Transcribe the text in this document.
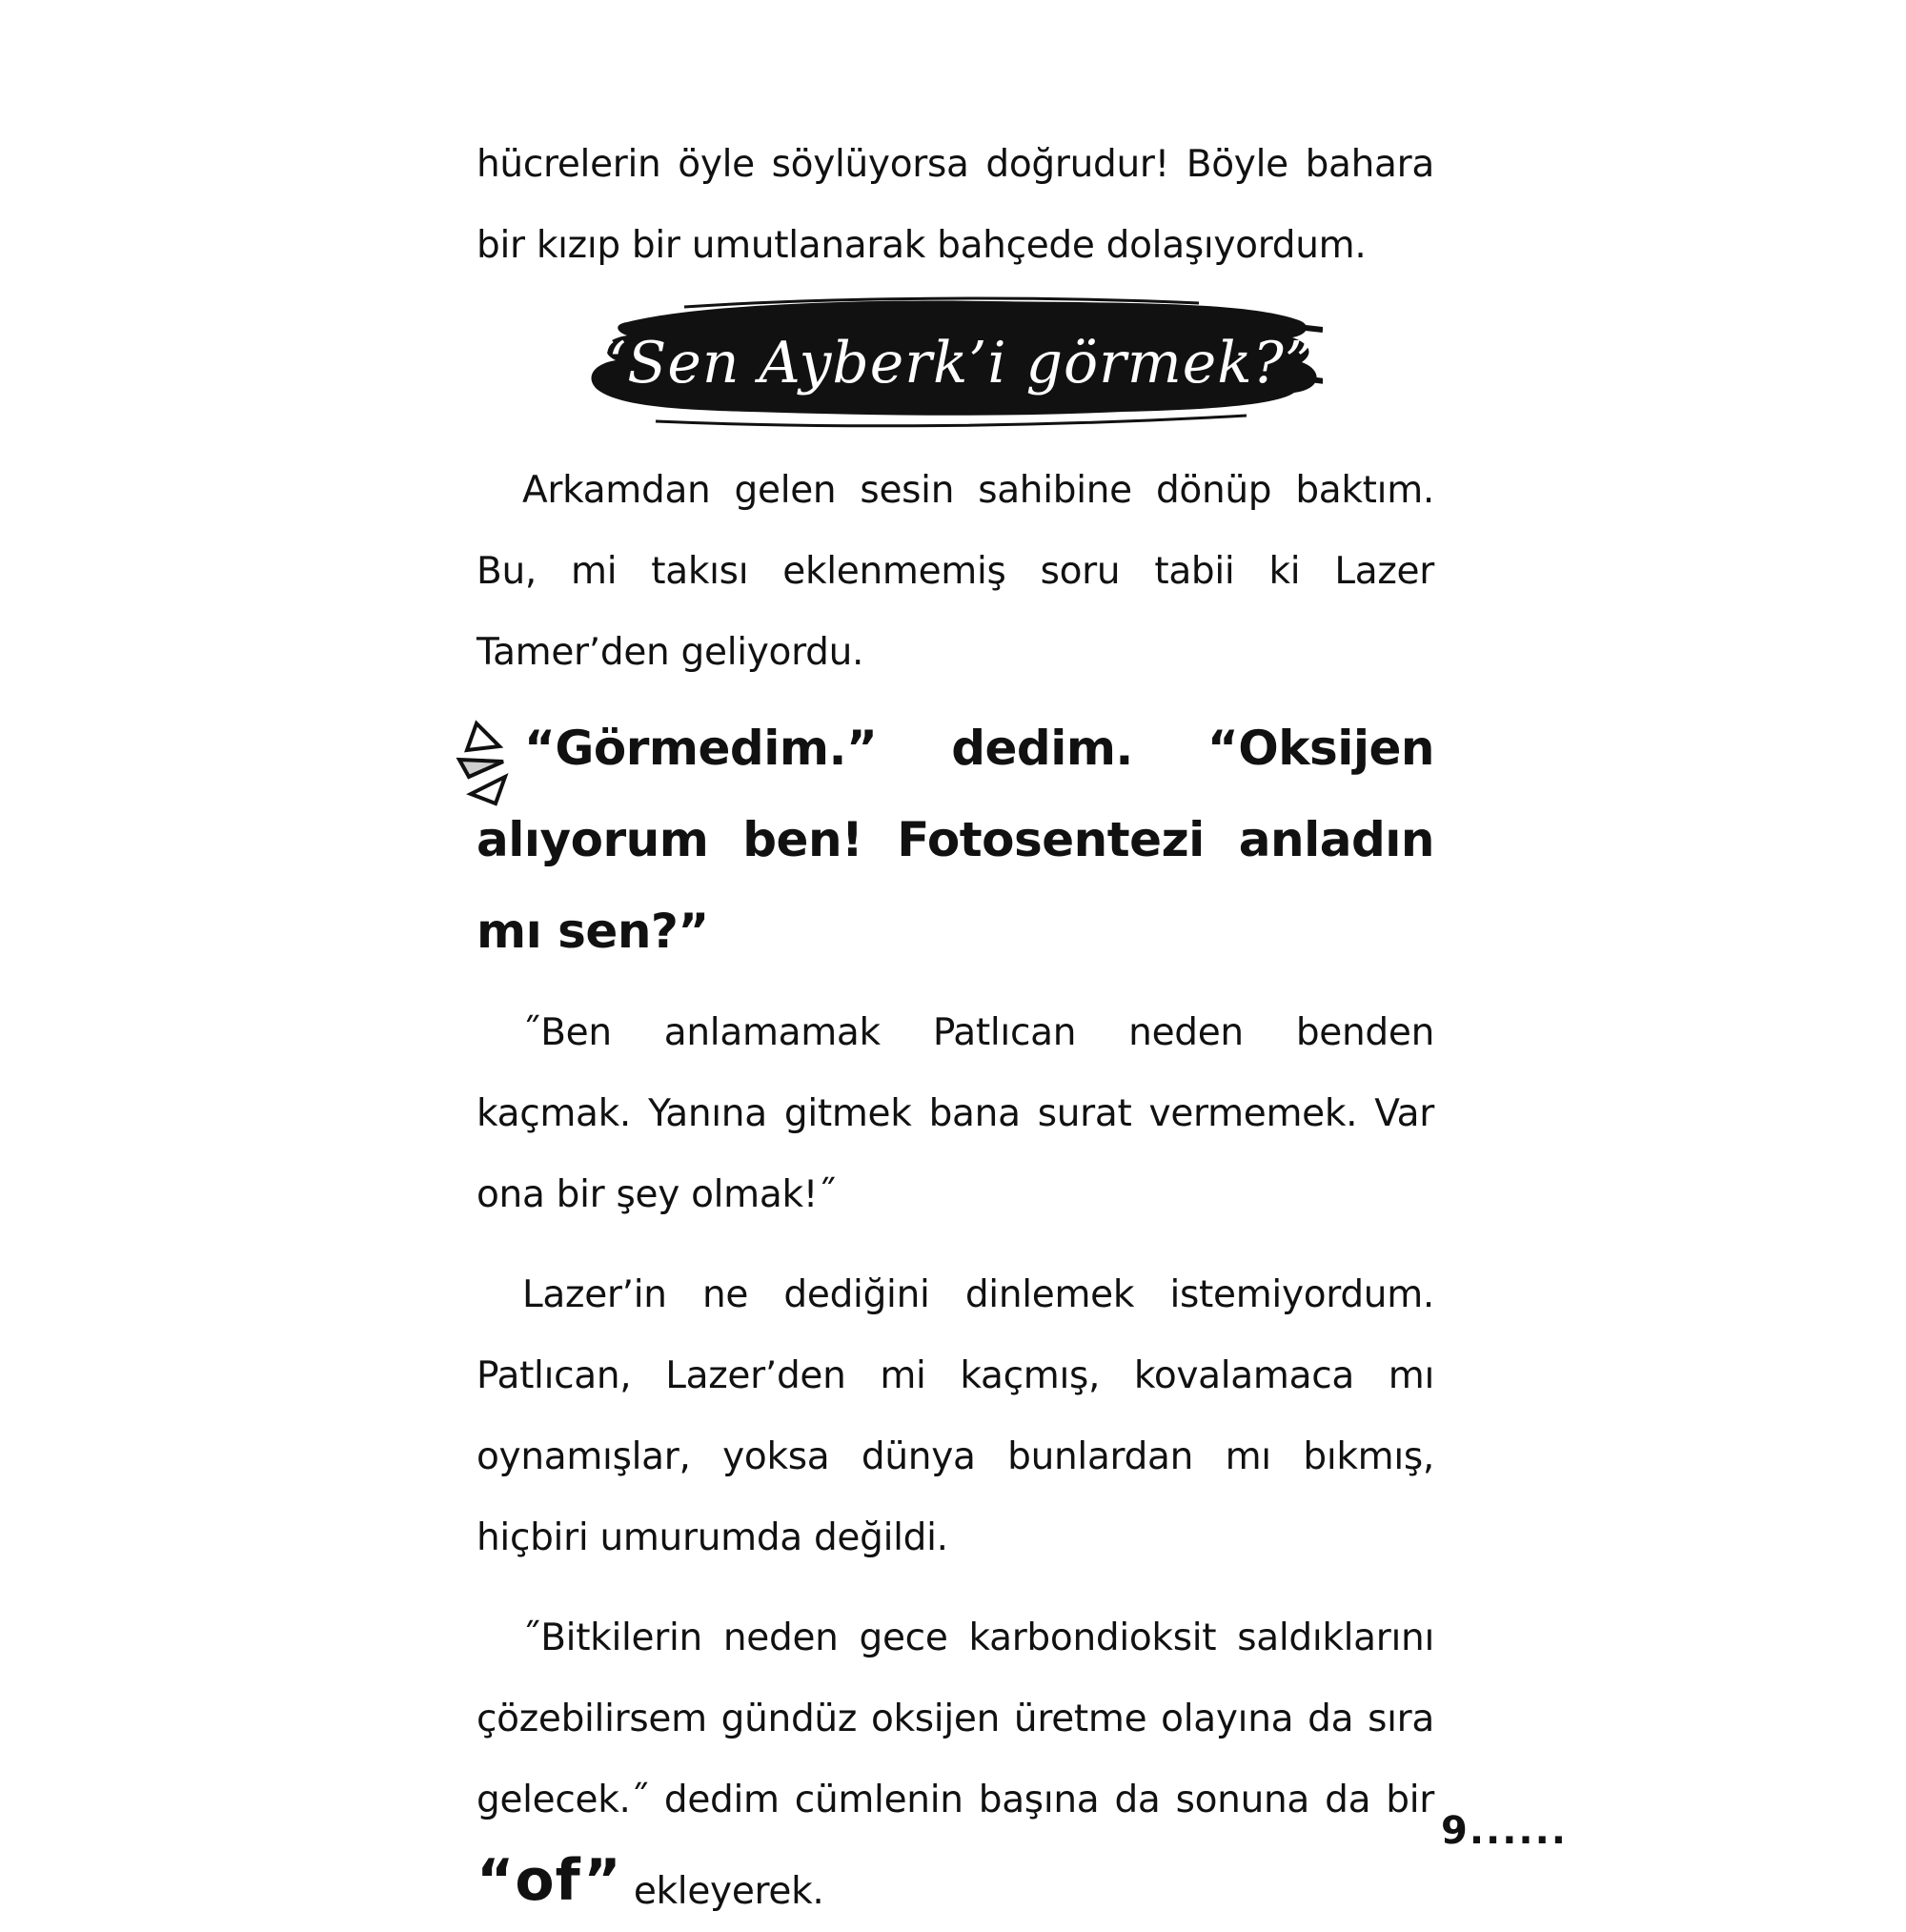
hücrelerin öyle söylüyorsa doğrudur! Böyle bahara bir kızıp bir umutlanarak bahçede dolaşıyordum.

“Sen Ayberk’i görmek?”

Arkamdan gelen sesin sahibine dönüp baktım. Bu, mi takısı eklenmemiş soru tabii ki Lazer Tamer’den geliyordu.

“Görmedim.” dedim. “Oksijen alıyorum ben! Fotosentezi anladın mı sen?”

˝Ben anlamamak Patlıcan neden benden kaçmak. Yanına gitmek bana surat vermemek. Var ona bir şey olmak!˝

Lazer’in ne dediğini dinlemek istemiyordum. Patlıcan, Lazer’den mi kaçmış, kovalamaca mı oynamışlar, yoksa dünya bunlardan mı bıkmış, hiçbiri umurumda değildi.

˝Bitkilerin neden gece karbondioksit saldıklarını çözebilirsem gündüz oksijen üretme olayına da sıra gelecek.˝ dedim cümlenin başına da sonuna da bir “of” ekleyerek.

9......
